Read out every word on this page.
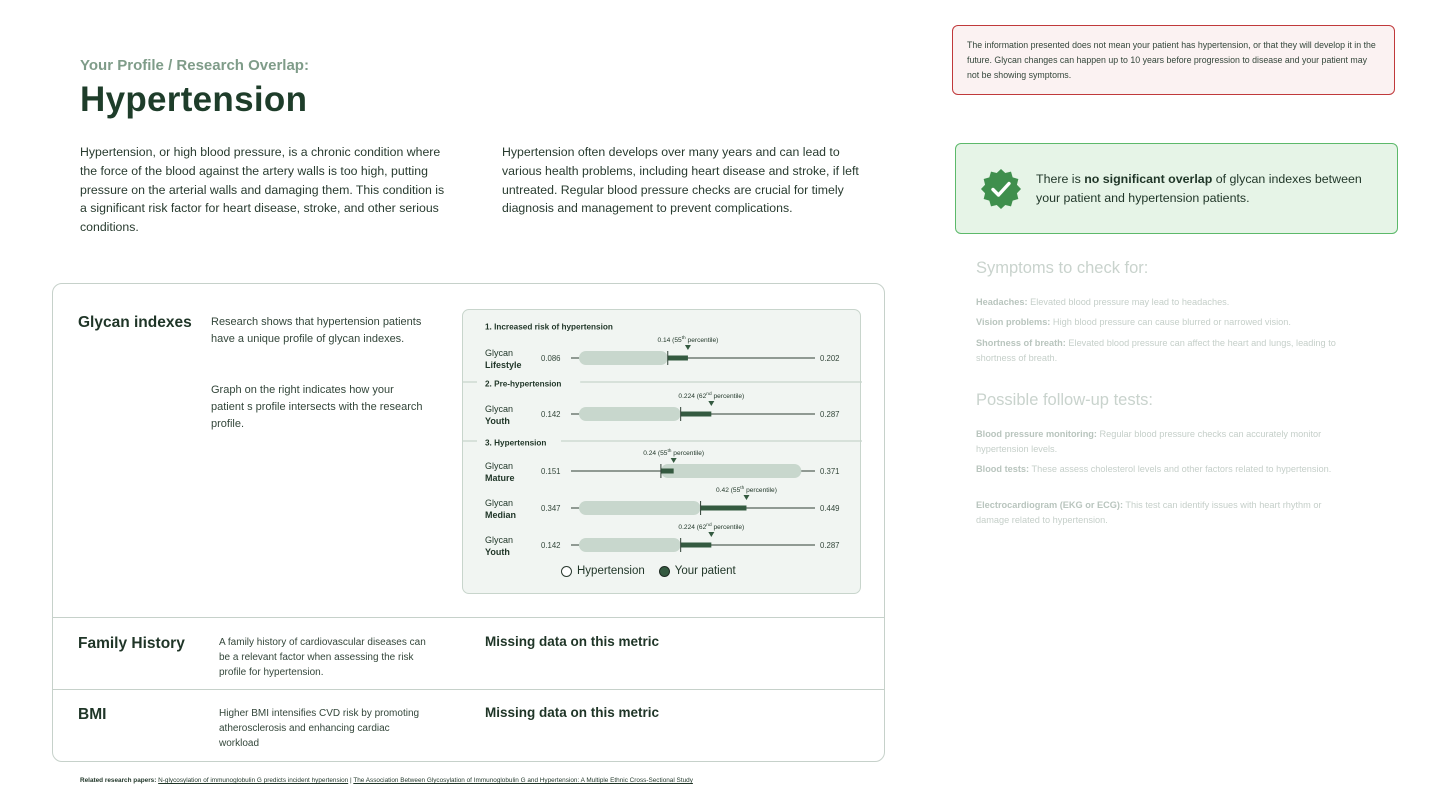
Your Profile / Research Overlap:
Hypertension

Hypertension, or high blood pressure, is a chronic condition where the force of the blood against the artery walls is too high, putting pressure on the arterial walls and damaging them. This condition is a significant risk factor for heart disease, stroke, and other serious conditions.

Hypertension often develops over many years and can lead to various health problems, including heart disease and stroke, if left untreated. Regular blood pressure checks are crucial for timely diagnosis and management to prevent complications.

Glycan indexes Research shows that hypertension patients have a unique profile of glycan indexes.
Graph on the right indicates how your patient s profile intersects with the research profile.
1. Increased risk of hypertension
Glycan
Lifestyle
0.086	0.202
0.14 (55th percentile)
2. Pre-hypertension
Glycan
Youth
0.142	0.287
0.224 (62nd percentile)
3. Hypertension
Glycan
Mature
0.151	0.371
0.24 (55th percentile)
Glycan
Median
0.347	0.449
0.42 (55th percentile)
Glycan
Youth
0.142	0.287
0.224 (62nd percentile)
Hypertension	Your patient
Family History	A family history of cardiovascular diseases can be a relevant factor when assessing the risk profile for hypertension.
Missing data on this metric
BMI	Higher BMI intensifies CVD risk by promoting atherosclerosis and enhancing cardiac workload
Missing data on this metric
Related research papers: N-glycosylation of immunoglobulin G predicts incident hypertension | The Association Between Glycosylation of Immunoglobulin G and Hypertension: A Multiple Ethnic Cross-Sectional Study
The information presented does not mean your patient has hypertension, or that they will develop it in the future. Glycan changes can happen up to 10 years before progression to disease and your patient may not be showing symptoms.
There is no significant overlap of glycan indexes between your patient and hypertension patients.
Symptoms to check for:
Headaches: Elevated blood pressure may lead to headaches.
Vision problems: High blood pressure can cause blurred or narrowed vision.
Shortness of breath: Elevated blood pressure can affect the heart and lungs, leading to shortness of breath.
Possible follow-up tests:
Blood pressure monitoring: Regular blood pressure checks can accurately monitor hypertension levels.
Blood tests: These assess cholesterol levels and other factors related to hypertension.
Electrocardiogram (EKG or ECG): This test can identify issues with heart rhythm or damage related to hypertension.
